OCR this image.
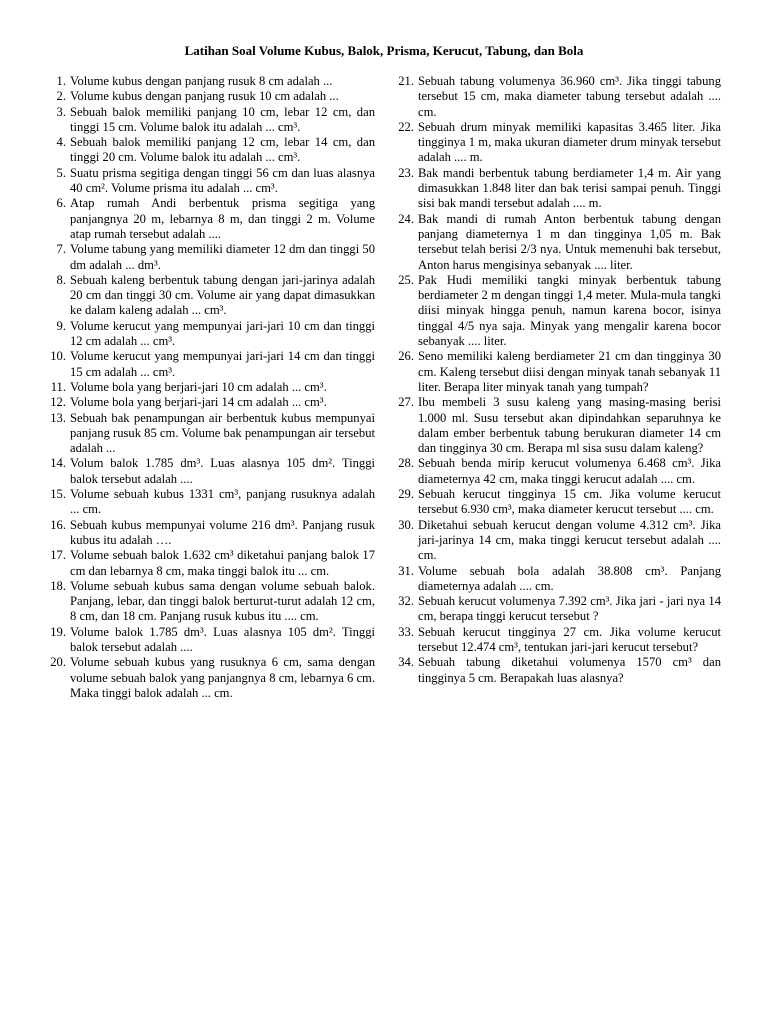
Latihan Soal Volume Kubus, Balok, Prisma, Kerucut, Tabung, dan Bola
1. Volume kubus dengan panjang rusuk 8 cm adalah ...
2. Volume kubus dengan panjang rusuk 10 cm adalah ...
3. Sebuah balok memiliki panjang 10 cm, lebar 12 cm, dan tinggi 15 cm. Volume balok itu adalah ... cm³.
4. Sebuah balok memiliki panjang 12 cm, lebar 14 cm, dan tinggi 20 cm. Volume balok itu adalah ... cm³.
5. Suatu prisma segitiga dengan tinggi 56 cm dan luas alasnya 40 cm². Volume prisma itu adalah ... cm³.
6. Atap rumah Andi berbentuk prisma segitiga yang panjangnya 20 m, lebarnya 8 m, dan tinggi 2 m. Volume atap rumah tersebut adalah ....
7. Volume tabung yang memiliki diameter 12 dm dan tinggi 50 dm adalah ... dm³.
8. Sebuah kaleng berbentuk tabung dengan jari-jarinya adalah 20 cm dan tinggi 30 cm. Volume air yang dapat dimasukkan ke dalam kaleng adalah ... cm³.
9. Volume kerucut yang mempunyai jari-jari 10 cm dan tinggi 12 cm adalah ... cm³.
10. Volume kerucut yang mempunyai jari-jari 14 cm dan tinggi 15 cm adalah ... cm³.
11. Volume bola yang berjari-jari 10 cm adalah ... cm³.
12. Volume bola yang berjari-jari 14 cm adalah ... cm³.
13. Sebuah bak penampungan air berbentuk kubus mempunyai panjang rusuk 85 cm. Volume bak penampungan air tersebut adalah ...
14. Volum balok 1.785 dm³. Luas alasnya 105 dm². Tinggi balok tersebut adalah ....
15. Volume sebuah kubus 1331 cm³, panjang rusuknya adalah ... cm.
16. Sebuah kubus mempunyai volume 216 dm³. Panjang rusuk kubus itu adalah ….
17. Volume sebuah balok 1.632 cm³ diketahui panjang balok 17 cm dan lebarnya 8 cm, maka tinggi balok itu ... cm.
18. Volume sebuah kubus sama dengan volume sebuah balok. Panjang, lebar, dan tinggi balok berturut-turut adalah 12 cm, 8 cm, dan 18 cm. Panjang rusuk kubus itu .... cm.
19. Volume balok 1.785 dm³. Luas alasnya 105 dm². Tinggi balok tersebut adalah ....
20. Volume sebuah kubus yang rusuknya 6 cm, sama dengan volume sebuah balok yang panjangnya 8 cm, lebarnya 6 cm. Maka tinggi balok adalah ... cm.
21. Sebuah tabung volumenya 36.960 cm³. Jika tinggi tabung tersebut 15 cm, maka diameter tabung tersebut adalah .... cm.
22. Sebuah drum minyak memiliki kapasitas 3.465 liter. Jika tingginya 1 m, maka ukuran diameter drum minyak tersebut adalah .... m.
23. Bak mandi berbentuk tabung berdiameter 1,4 m. Air yang dimasukkan 1.848 liter dan bak terisi sampai penuh. Tinggi sisi bak mandi tersebut adalah .... m.
24. Bak mandi di rumah Anton berbentuk tabung dengan panjang diameternya 1 m dan tingginya 1,05 m. Bak tersebut telah berisi 2/3 nya. Untuk memenuhi bak tersebut, Anton harus mengisinya sebanyak .... liter.
25. Pak Hudi memiliki tangki minyak berbentuk tabung berdiameter 2 m dengan tinggi 1,4 meter. Mula-mula tangki diisi minyak hingga penuh, namun karena bocor, isinya tinggal 4/5 nya saja. Minyak yang mengalir karena bocor sebanyak .... liter.
26. Seno memiliki kaleng berdiameter 21 cm dan tingginya 30 cm. Kaleng tersebut diisi dengan minyak tanah sebanyak 11 liter. Berapa liter minyak tanah yang tumpah?
27. Ibu membeli 3 susu kaleng yang masing-masing berisi 1.000 ml. Susu tersebut akan dipindahkan separuhnya ke dalam ember berbentuk tabung berukuran diameter 14 cm dan tingginya 30 cm. Berapa ml sisa susu dalam kaleng?
28. Sebuah benda mirip kerucut volumenya 6.468 cm³. Jika diameternya 42 cm, maka tinggi kerucut adalah .... cm.
29. Sebuah kerucut tingginya 15 cm. Jika volume kerucut tersebut 6.930 cm³, maka diameter kerucut tersebut .... cm.
30. Diketahui sebuah kerucut dengan volume 4.312 cm³. Jika jari-jarinya 14 cm, maka tinggi kerucut tersebut adalah .... cm.
31. Volume sebuah bola adalah 38.808 cm³. Panjang diameternya adalah .... cm.
32. Sebuah kerucut volumenya 7.392 cm³. Jika jari - jari nya 14 cm, berapa tinggi kerucut tersebut ?
33. Sebuah kerucut tingginya 27 cm. Jika volume kerucut tersebut 12.474 cm³, tentukan jari-jari kerucut tersebut?
34. Sebuah tabung diketahui volumenya 1570 cm³ dan tingginya 5 cm. Berapakah luas alasnya?
